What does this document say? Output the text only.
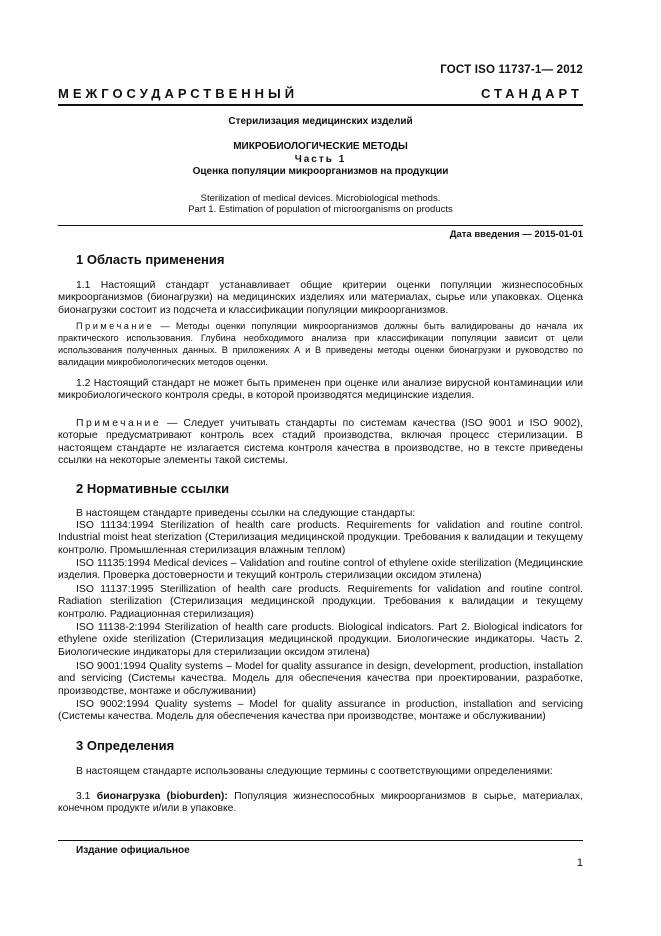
ГОСТ ISO 11737-1— 2012
МЕЖГОСУДАРСТВЕННЫЙ СТАНДАРТ
Стерилизация медицинских изделий
МИКРОБИОЛОГИЧЕСКИЕ МЕТОДЫ
Часть 1
Оценка популяции микроорганизмов на продукции
Sterilization of medical devices. Microbiological methods.
Part 1. Estimation of population of microorganisms on products
Дата введения — 2015-01-01
1 Область применения
1.1 Настоящий стандарт устанавливает общие критерии оценки популяции жизнеспособных микроорганизмов (бионагрузки) на медицинских изделиях или материалах, сырье или упаковках. Оценка бионагрузки состоит из подсчета и классификации популяции микроорганизмов.
Примечание — Методы оценки популяции микроорганизмов должны быть валидированы до начала их практического использования. Глубина необходимого анализа при классификации популяции зависит от цели использования полученных данных. В приложениях А и В приведены методы оценки бионагрузки и руководство по валидации микробиологических методов оценки.
1.2 Настоящий стандарт не может быть применен при оценке или анализе вирусной контаминации или микробиологического контроля среды, в которой производятся медицинские изделия.
Примечание — Следует учитывать стандарты по системам качества (ISO 9001 и ISO 9002), которые предусматривают контроль всех стадий производства, включая процесс стерилизации. В настоящем стандарте не излагается система контроля качества в производстве, но в тексте приведены ссылки на некоторые элементы такой системы.
2 Нормативные ссылки
В настоящем стандарте приведены ссылки на следующие стандарты:
ISO 11134:1994 Sterilization of health care products. Requirements for validation and routine control. Industrial moist heat sterization (Стерилизация медицинской продукции. Требования к валидации и текущему контролю. Промышленная стерилизация влажным теплом)
ISO 11135:1994 Medical devices – Validation and routine control of ethylene oxide sterilization (Медицинские изделия. Проверка достоверности и текущий контроль стерилизации оксидом этилена)
ISO 11137:1995 Sterillization of health care products. Requirements for validation and routine control. Radiation sterilization (Стерилизация медицинской продукции. Требования к валидации и текущему контролю. Радиационная стерилизация)
ISO 11138-2:1994 Sterilization of health care products. Biological indicators. Part 2. Biological indicators for ethylene oxide sterilization (Стерилизация медицинской продукции. Биологические индикаторы. Часть 2. Биологические индикаторы для стерилизации оксидом этилена)
ISO 9001:1994 Quality systems – Model for quality assurance in design, development, production, installation and servicing (Системы качества. Модель для обеспечения качества при проектировании, разработке, производстве, монтаже и обслуживании)
ISO 9002:1994 Quality systems – Model for quality assurance in production, installation and servicing (Системы качества. Модель для обеспечения качества при производстве, монтаже и обслуживании)
3 Определения
В настоящем стандарте использованы следующие термины с соответствующими определениями:
3.1 бионагрузка (bioburden): Популяция жизнеспособных микроорганизмов в сырье, материалах, конечном продукте и/или в упаковке.
Издание официальное
1
